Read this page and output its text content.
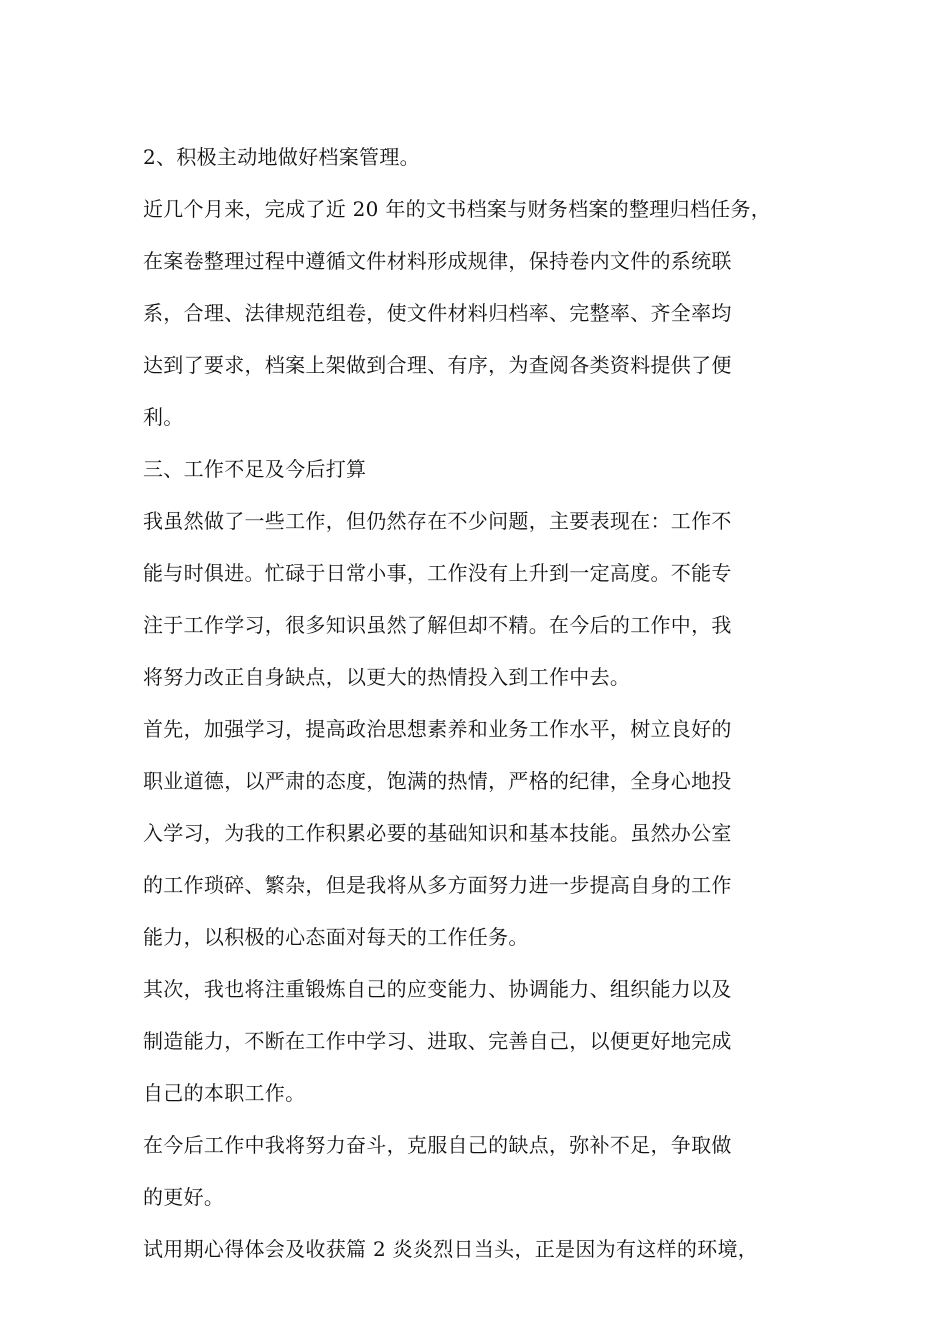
2、积极主动地做好档案管理。
近几个月来，完成了近 20 年的文书档案与财务档案的整理归档任务，
在案卷整理过程中遵循文件材料形成规律，保持卷内文件的系统联
系，合理、法律规范组卷，使文件材料归档率、完整率、齐全率均
达到了要求，档案上架做到合理、有序，为查阅各类资料提供了便
利。
三、工作不足及今后打算
我虽然做了一些工作，但仍然存在不少问题，主要表现在：工作不
能与时俱进。忙碌于日常小事，工作没有上升到一定高度。不能专
注于工作学习，很多知识虽然了解但却不精。在今后的工作中，我
将努力改正自身缺点，以更大的热情投入到工作中去。
首先，加强学习，提高政治思想素养和业务工作水平，树立良好的
职业道德，以严肃的态度，饱满的热情，严格的纪律，全身心地投
入学习，为我的工作积累必要的基础知识和基本技能。虽然办公室
的工作琐碎、繁杂，但是我将从多方面努力进一步提高自身的工作
能力，以积极的心态面对每天的工作任务。
其次，我也将注重锻炼自己的应变能力、协调能力、组织能力以及
制造能力，不断在工作中学习、进取、完善自己，以便更好地完成
自己的本职工作。
在今后工作中我将努力奋斗，克服自己的缺点，弥补不足，争取做
的更好。
试用期心得体会及收获篇 2 炎炎烈日当头，正是因为有这样的环境，
